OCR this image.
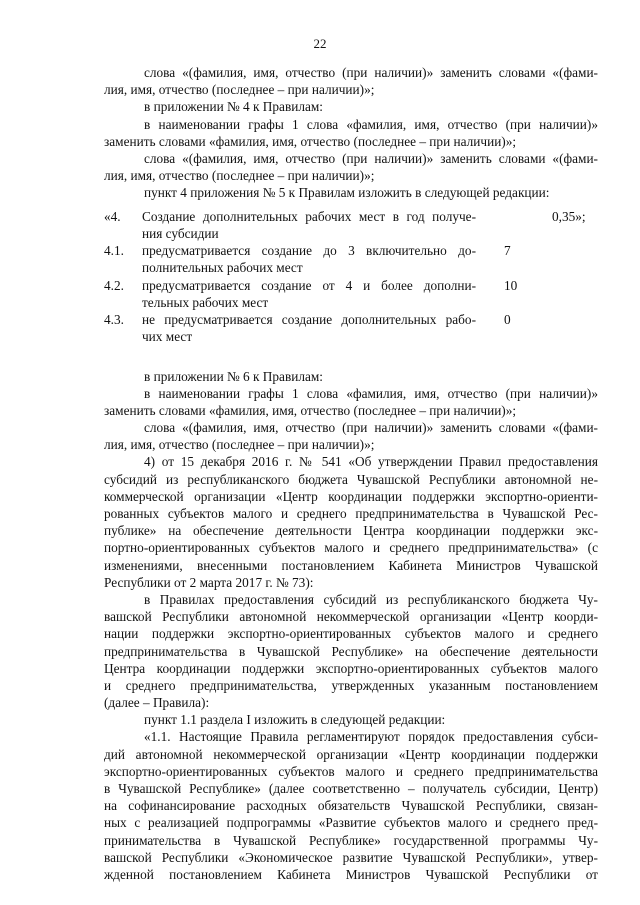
22
слова «(фамилия, имя, отчество (при наличии)» заменить словами «(фами-
лия, имя, отчество (последнее – при наличии)»;
в приложении № 4 к Правилам:
в наименовании графы 1 слова «фамилия, имя, отчество (при наличии)»
заменить словами «фамилия, имя, отчество (последнее – при наличии)»;
слова «(фамилия, имя, отчество (при наличии)» заменить словами «(фами-
лия, имя, отчество (последнее – при наличии)»;
пункт 4 приложения № 5 к Правилам изложить в следующей редакции:
«4. Создание дополнительных рабочих мест в год получе-
ния субсидии
0,35»;
4.1. предусматривается создание до 3 включительно до-
полнительных рабочих мест
7
4.2. предусматривается создание от 4 и более дополни-
тельных рабочих мест
10
4.3. не предусматривается создание дополнительных рабо-
чих мест
0
в приложении № 6 к Правилам:
в наименовании графы 1 слова «фамилия, имя, отчество (при наличии)»
заменить словами «фамилия, имя, отчество (последнее – при наличии)»;
слова «(фамилия, имя, отчество (при наличии)» заменить словами «(фами-
лия, имя, отчество (последнее – при наличии)»;
4) от 15 декабря 2016 г. № 541 «Об утверждении Правил предоставления
субсидий из республиканского бюджета Чувашской Республики автономной не-
коммерческой организации «Центр координации поддержки экспортно-ориенти-
рованных субъектов малого и среднего предпринимательства в Чувашской Рес-
публике» на обеспечение деятельности Центра координации поддержки экс-
портно-ориентированных субъектов малого и среднего предпринимательства» (с
изменениями, внесенными постановлением Кабинета Министров Чувашской
Республики от 2 марта 2017 г. № 73):
в Правилах предоставления субсидий из республиканского бюджета Чу-
вашской Республики автономной некоммерческой организации «Центр коорди-
нации поддержки экспортно-ориентированных субъектов малого и среднего
предпринимательства в Чувашской Республике» на обеспечение деятельности
Центра координации поддержки экспортно-ориентированных субъектов малого
и среднего предпринимательства, утвержденных указанным постановлением
(далее – Правила):
пункт 1.1 раздела I изложить в следующей редакции:
«1.1. Настоящие Правила регламентируют порядок предоставления субси-
дий автономной некоммерческой организации «Центр координации поддержки
экспортно-ориентированных субъектов малого и среднего предпринимательства
в Чувашской Республике» (далее соответственно – получатель субсидии, Центр)
на софинансирование расходных обязательств Чувашской Республики, связан-
ных с реализацией подпрограммы «Развитие субъектов малого и среднего пред-
принимательства в Чувашской Республике» государственной программы Чу-
вашской Республики «Экономическое развитие Чувашской Республики», утвер-
жденной постановлением Кабинета Министров Чувашской Республики от
